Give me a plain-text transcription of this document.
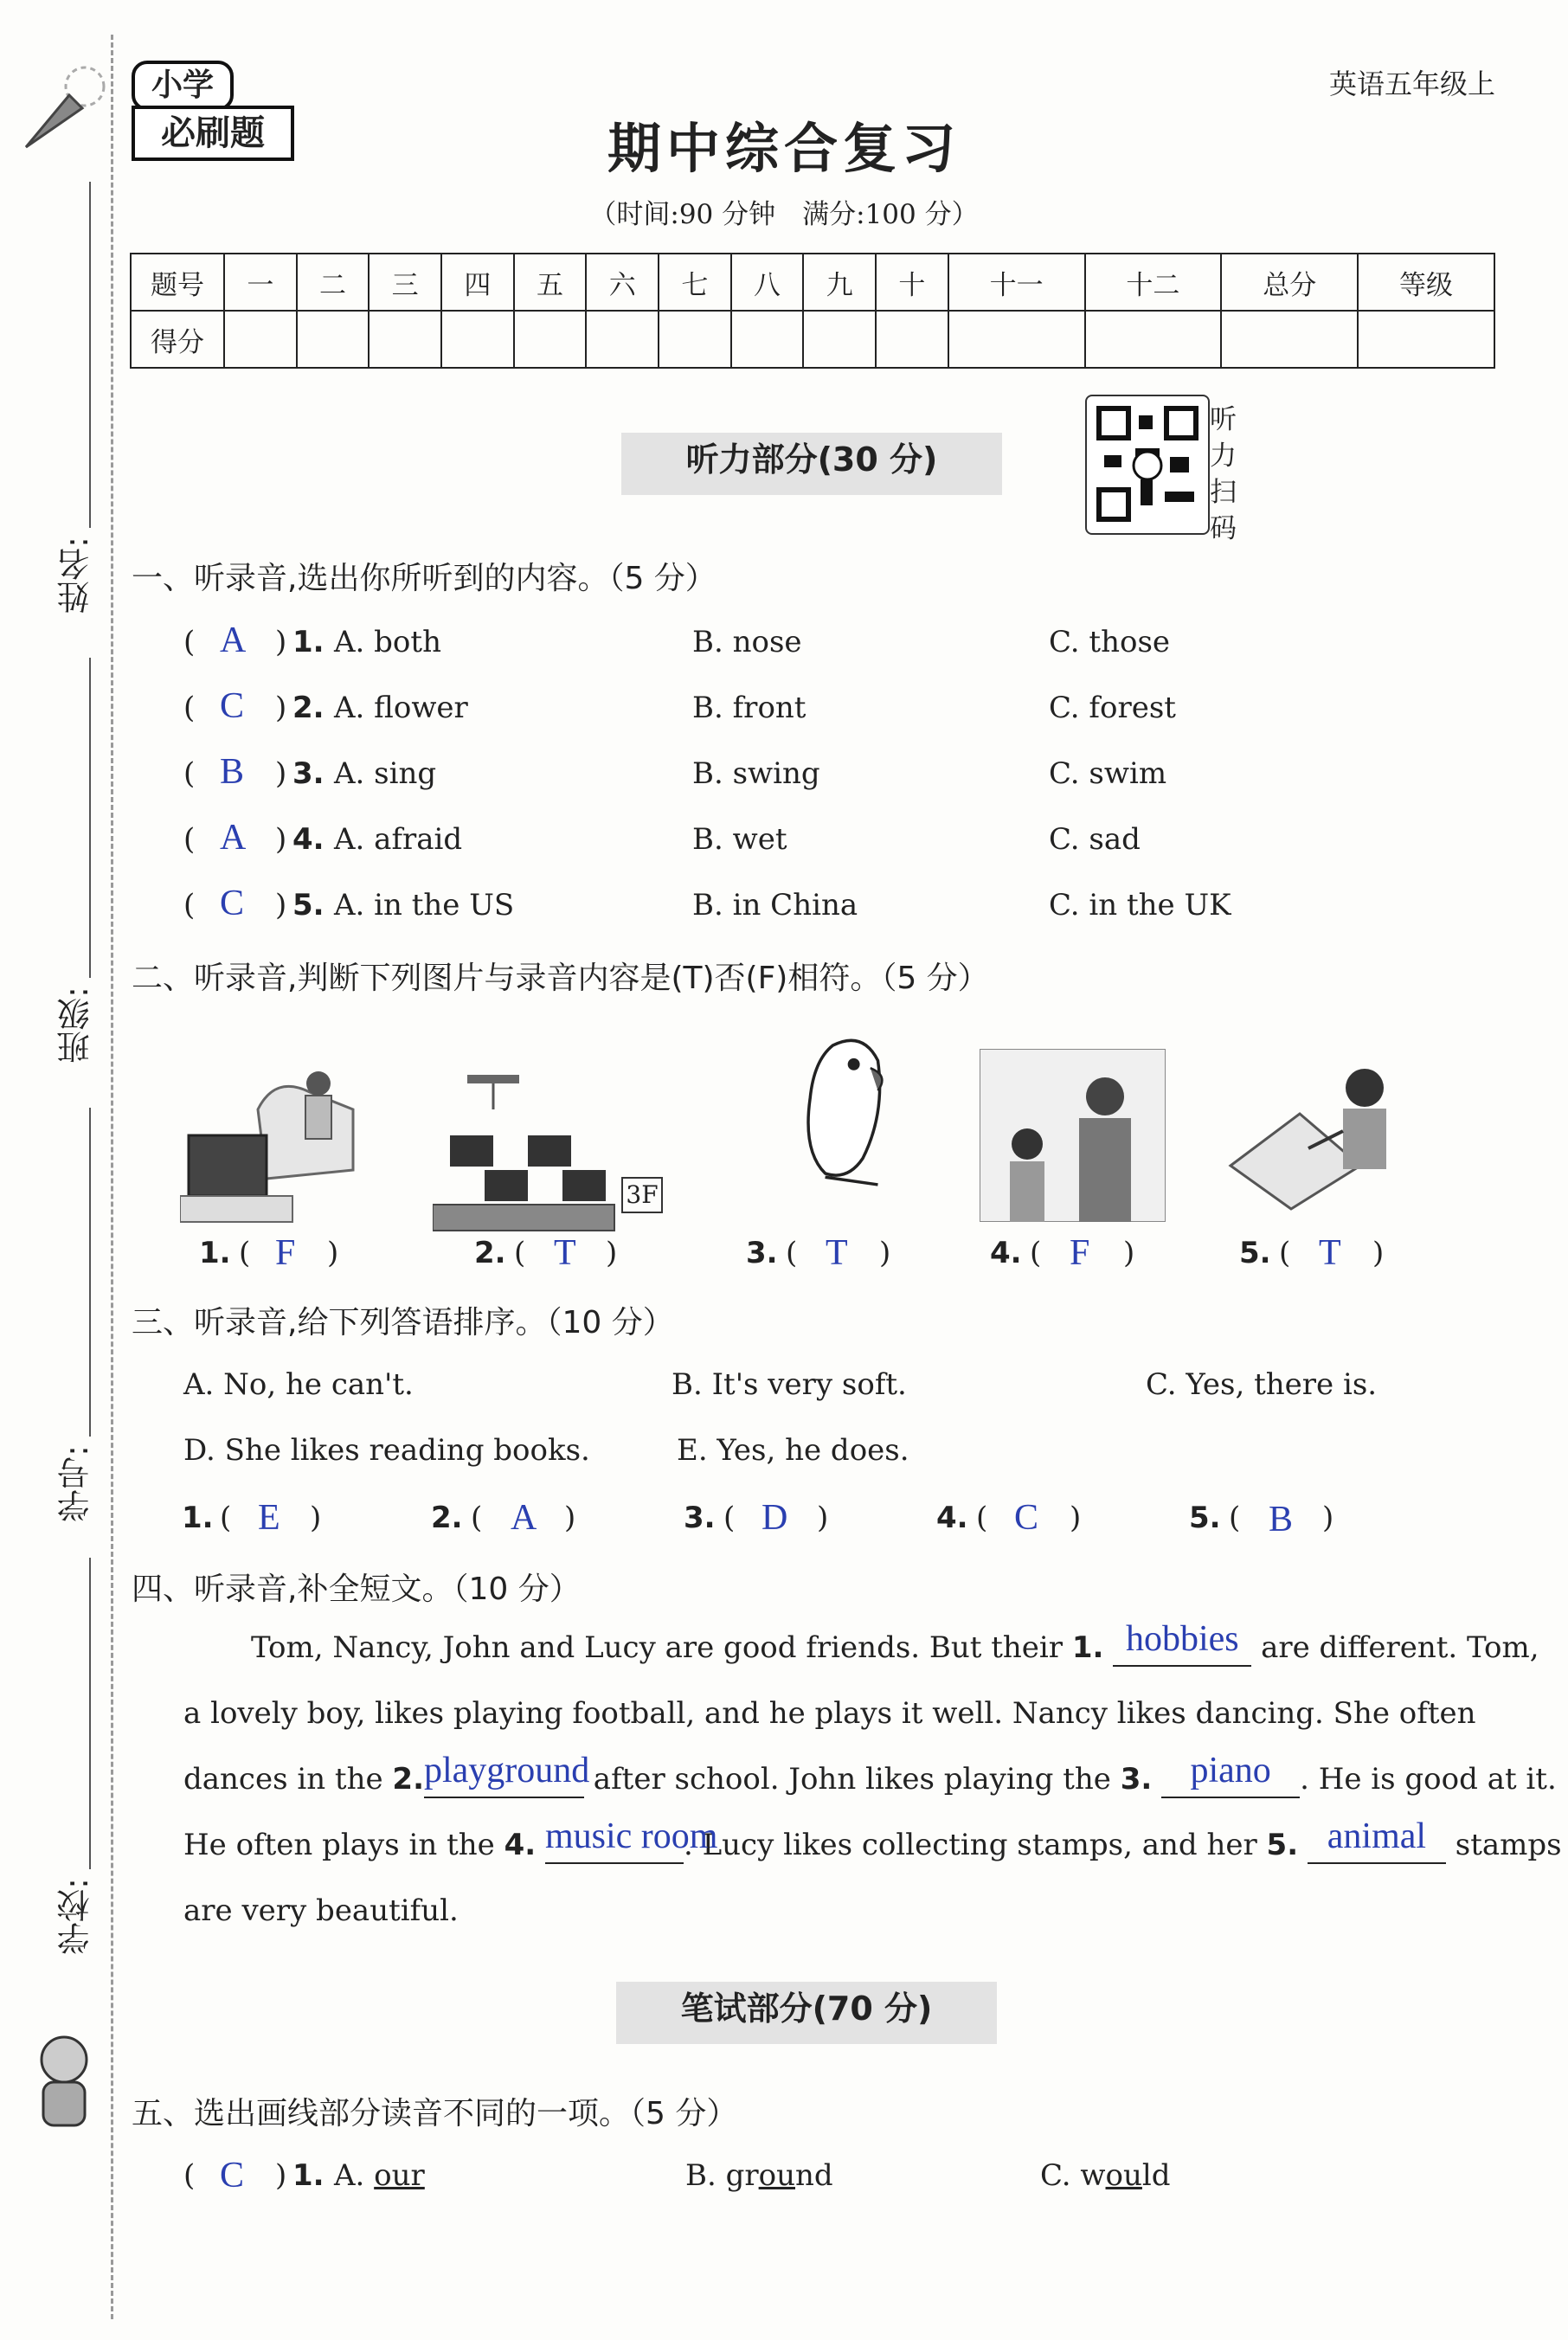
姓名:
班级:
学号:
学校:
小学
必刷题
英语五年级上
期中综合复习
（时间:90 分钟　满分:100 分）
题号	一	二	三	四	五	六	七	八	九	十	十一	十二	总分	等级
得分														
听力部分(30 分)
听力扫码
一、听录音,选出你所听到的内容。（5 分）
( A ) 1. A. both	B. nose	C. those
( C ) 2. A. flower	B. front	C. forest
( B ) 3. A. sing	B. swing	C. swim
( A ) 4. A. afraid	B. wet	C. sad
( C ) 5. A. in the US	B. in China	C. in the UK
二、听录音,判断下列图片与录音内容是(T)否(F)相符。（5 分）
3F
1. ( F )	2. ( T )	3. ( T )	4. ( F )	5. ( T )
三、听录音,给下列答语排序。（10 分）
A. No, he can't.	B. It's very soft.	C. Yes, there is.
D. She likes reading books.	E. Yes, he does.
1. ( E )	2. ( A )	3. ( D )	4. ( C )	5. ( B )
四、听录音,补全短文。（10 分）
Tom, Nancy, John and Lucy are good friends. But their 1. hobbies are different. Tom,
a lovely boy, likes playing football, and he plays it well. Nancy likes dancing. She often
dances in the 2. playground
after school. John likes playing the 3.	piano . He is good at it.
He often plays in the 4. music room
. Lucy likes collecting stamps, and her 5. animal stamps
are very beautiful.
笔试部分(70 分)
五、选出画线部分读音不同的一项。（5 分）
( C ) 1. A. our	B. ground	C. would
